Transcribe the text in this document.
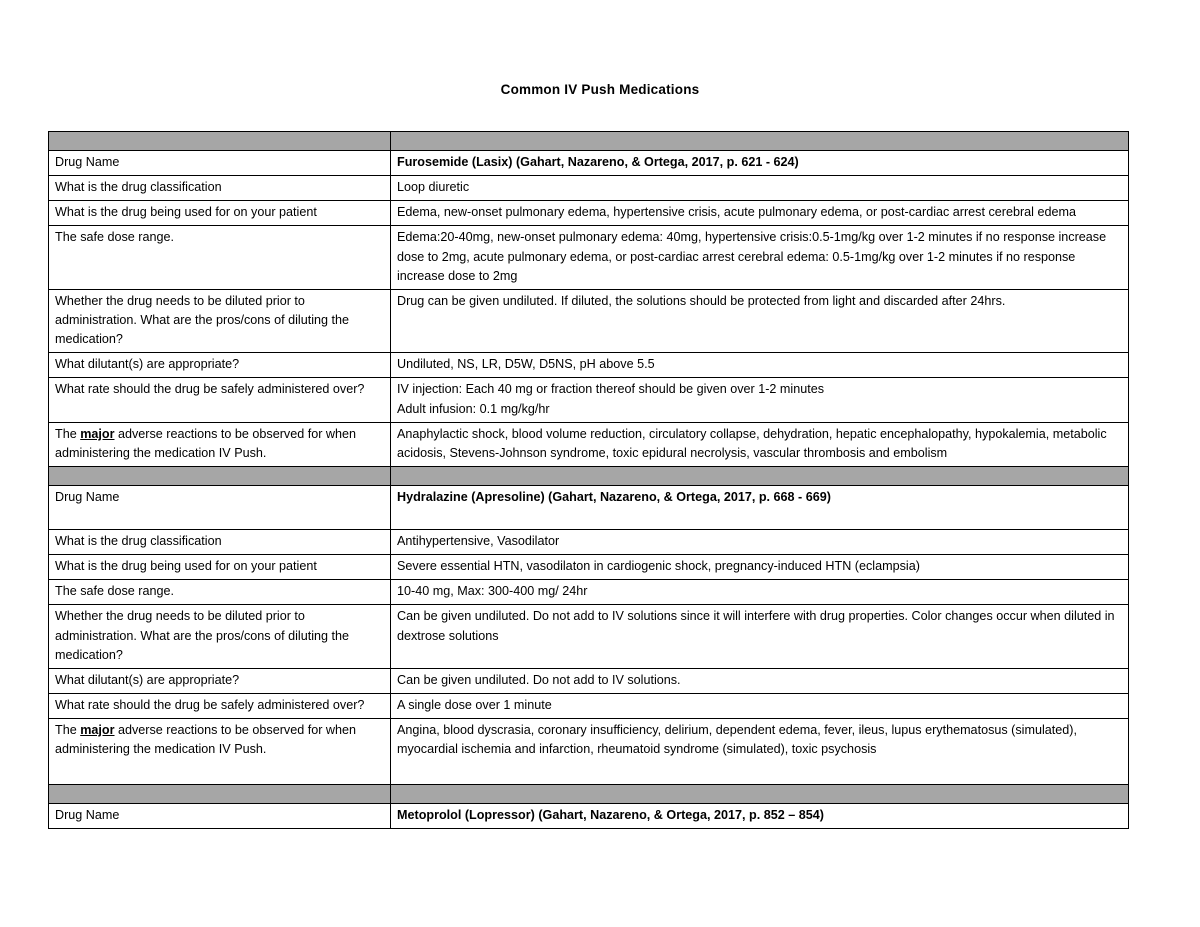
Common IV Push Medications

Drug Name	Furosemide (Lasix) (Gahart, Nazareno, & Ortega, 2017, p. 621 - 624)
What is the drug classification	Loop diuretic
What is the drug being used for on your patient	Edema, new-onset pulmonary edema, hypertensive crisis, acute pulmonary edema, or post-cardiac arrest cerebral edema
The safe dose range.	Edema:20-40mg, new-onset pulmonary edema: 40mg, hypertensive crisis:0.5-1mg/kg over 1-2 minutes if no response increase dose to 2mg, acute pulmonary edema, or post-cardiac arrest cerebral edema: 0.5-1mg/kg over 1-2 minutes if no response increase dose to 2mg
Whether the drug needs to be diluted prior to administration. What are the pros/cons of diluting the medication?	Drug can be given undiluted. If diluted, the solutions should be protected from light and discarded after 24hrs.
What dilutant(s) are appropriate?	Undiluted, NS, LR, D5W, D5NS, pH above 5.5
What rate should the drug be safely administered over?	IV injection: Each 40 mg or fraction thereof should be given over 1-2 minutes
Adult infusion: 0.1 mg/kg/hr

The major adverse reactions to be observed for when administering the medication IV Push.	Anaphylactic shock, blood volume reduction, circulatory collapse, dehydration, hepatic encephalopathy, hypokalemia, metabolic acidosis, Stevens-Johnson syndrome, toxic epidural necrolysis, vascular thrombosis and embolism

Drug Name	Hydralazine (Apresoline) (Gahart, Nazareno, & Ortega, 2017, p. 668 - 669)
What is the drug classification	Antihypertensive, Vasodilator
What is the drug being used for on your patient	Severe essential HTN, vasodilaton in cardiogenic shock, pregnancy-induced HTN (eclampsia)
The safe dose range.	10-40 mg, Max: 300-400 mg/ 24hr
Whether the drug needs to be diluted prior to administration. What are the pros/cons of diluting the medication?	Can be given undiluted. Do not add to IV solutions since it will interfere with drug properties. Color changes occur when diluted in dextrose solutions
What dilutant(s) are appropriate?	Can be given undiluted. Do not add to IV solutions.
What rate should the drug be safely administered over?	A single dose over 1 minute
The major adverse reactions to be observed for when administering the medication IV Push.	Angina, blood dyscrasia, coronary insufficiency, delirium, dependent edema, fever, ileus, lupus erythematosus (simulated), myocardial ischemia and infarction, rheumatoid syndrome (simulated), toxic psychosis

Drug Name	Metoprolol (Lopressor) (Gahart, Nazareno, & Ortega, 2017, p. 852 – 854)
